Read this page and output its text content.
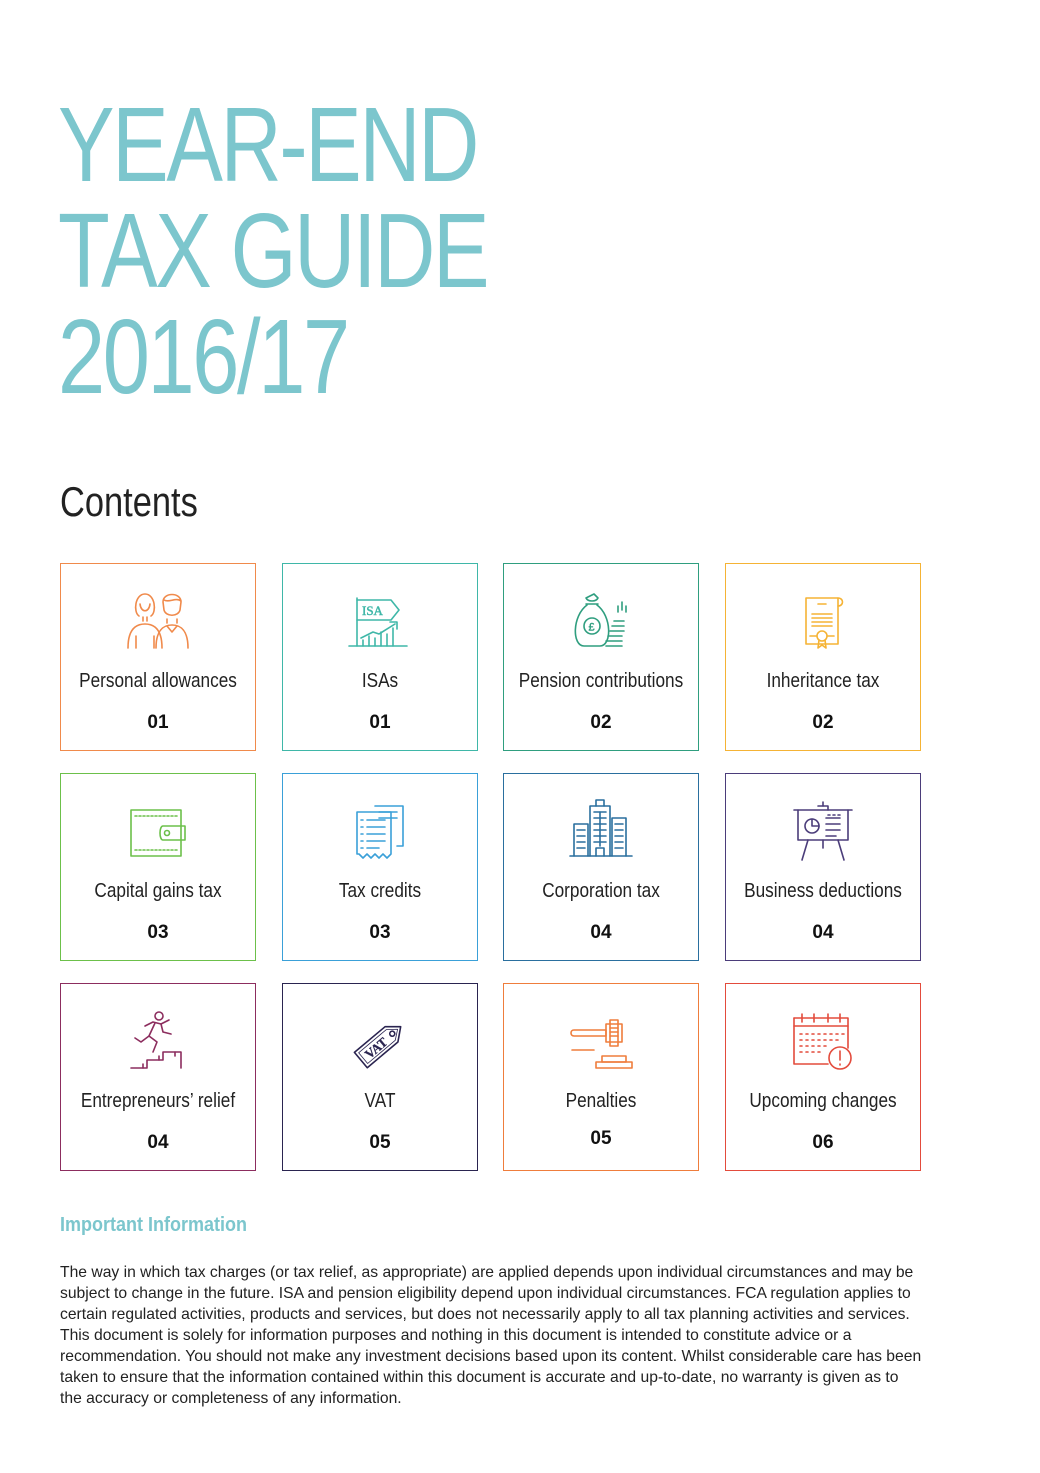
YEAR-END
TAX GUIDE
2016/17
Contents
Personal allowances
01
ISA
ISAs
01
£
Pension contributions
02
Inheritance tax
02
Capital gains tax
03
Tax credits
03
Corporation tax
04
Business deductions
04
Entrepreneurs’ relief
04
VAT
VAT
05
Penalties
05
Upcoming changes
06
Important Information

The way in which tax charges (or tax relief, as appropriate) are applied depends upon individual circumstances and may be subject to change in the future. ISA and pension eligibility depend upon individual circumstances. FCA regulation applies to certain regulated activities, products and services, but does not necessarily apply to all tax planning activities and services. This document is solely for information purposes and nothing in this document is intended to constitute advice or a recommendation. You should not make any investment decisions based upon its content. Whilst considerable care has been taken to ensure that the information contained within this document is accurate and up-to-date, no warranty is given as to the accuracy or completeness of any information.
